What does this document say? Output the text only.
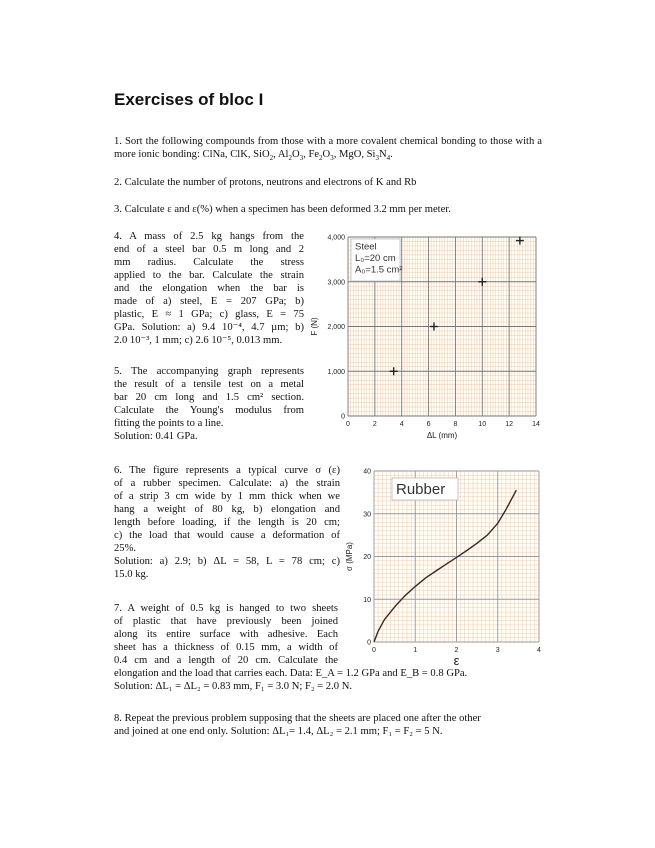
Exercises of bloc I

1. Sort the following compounds from those with a more covalent chemical bonding to those with a more ionic bonding: ClNa, ClK, SiO$_2$, $Al_2O_3$, $Fe_2O_3$, MgO, $Si_3N_4$.

2. Calculate the number of protons, neutrons and electrons of K and Rb

3. Calculate ε and ε(%) when a specimen has been deformed 3.2 mm per meter.

4. A mass of 2.5 kg hangs from the

end of a steel bar 0.5 m long and 2

mm radius. Calculate the stress

applied to the bar. Calculate the strain

and the elongation when the bar is

made of a) steel, E = 207 GPa; b)

plastic, E ≈ 1 GPa; c) glass, E = 75

GPa. Solution: a) 9.4 10⁻⁴, 4.7 µm; b)

2.0 10⁻³, 1 mm; c) 2.6 10⁻⁵, 0.013 mm.

5. The accompanying graph represents

the result of a tensile test on a metal

bar 20 cm long and 1.5 cm² section.

Calculate the Young's modulus from

fitting the points to a line.

Solution: 0.41 GPa.

6. The figure represents a typical curve σ (ε)

of a rubber specimen. Calculate: a) the strain

of a strip 3 cm wide by 1 mm thick when we

hang a weight of 80 kg, b) elongation and

length before loading, if the length is 20 cm;

c) the load that would cause a deformation of

25%.

Solution: a) 2.9; b) ΔL = 58, L = 78 cm; c)

15.0 kg.

7. A weight of 0.5 kg is hanged to two sheets

of plastic that have previously been joined

along its entire surface with adhesive. Each

sheet has a thickness of 0.15 mm, a width of

0.4 cm and a length of 20 cm. Calculate the

elongation and the load that carries each. Data: E_A = 1.2 GPa and E_B = 0.8 GPa.

Solution: ΔL₁ = ΔL₂ = 0.83 mm, F₁ = 3.0 N; F₂ = 2.0 N.

8. Repeat the previous problem supposing that the sheets are placed one after the other

and joined at one end only. Solution: ΔL₁= 1.4, ΔL₂ = 2.1 mm; F₁ = F₂ = 5 N.

0	2	4	6	8	10	12	14
0
1,000
2,000
3,000
4,000
ΔL (mm)
F (N)
Steel
L₀=20 cm
A₀=1.5 cm²
0	1	2	3	4
0
10
20
30
40
ε
σ (MPa)
Rubber
